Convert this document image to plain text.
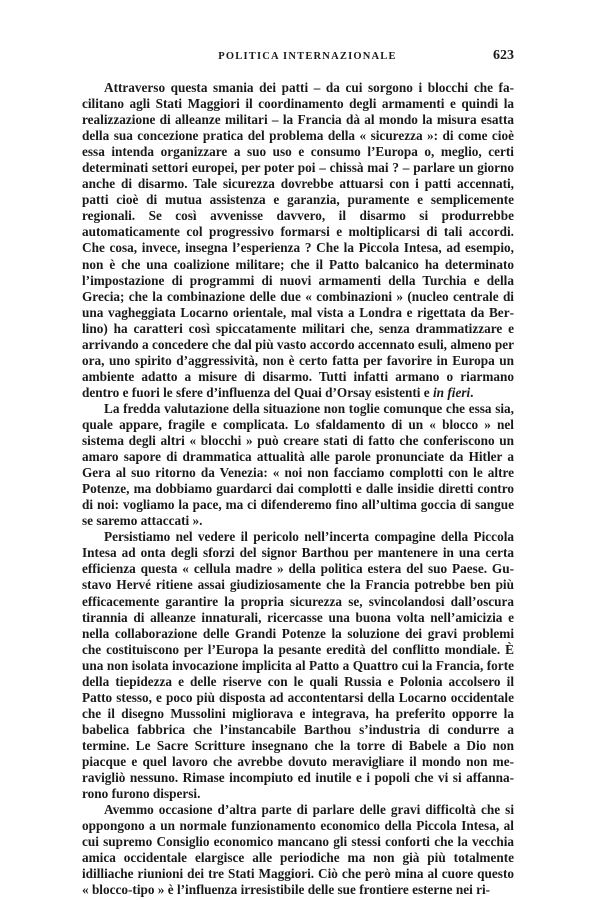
POLITICA INTERNAZIONALE	623

Attraverso questa smania dei patti – da cui sorgono i blocchi che facilitano agli Stati Maggiori il coordinamento degli armamenti e quindi la realizzazione di alleanze militari – la Francia dà al mondo la misura esatta della sua concezione pratica del problema della « sicurezza »: di come cioè essa intenda organizzare a suo uso e consumo l’Europa o, meglio, certi determinati settori europei, per poter poi – chissà mai ? – parlare un giorno anche di disarmo. Tale sicurezza dovrebbe attuarsi con i patti accennati, patti cioè di mutua assistenza e garanzia, puramente e semplicemente regionali. Se così avvenisse davvero, il disarmo si produrrebbe automaticamente col progressivo formarsi e moltiplicarsi di tali accordi. Che cosa, invece, insegna l’esperienza ? Che la Piccola Intesa, ad esempio, non è che una coalizione militare; che il Patto balcanico ha determinato l’impostazione di programmi di nuovi armamenti della Turchia e della Grecia; che la combinazione delle due « combinazioni » (nucleo centrale di una vagheggiata Locarno orientale, mal vista a Londra e rigettata da Berlino) ha caratteri così spiccatamente militari che, senza drammatizzare e arrivando a concedere che dal più vasto accordo accennato esuli, almeno per ora, uno spirito d’aggressività, non è certo fatta per favorire in Europa un ambiente adatto a misure di disarmo. Tutti infatti armano o riarmano dentro e fuori le sfere d’influenza del Quai d’Orsay esistenti e in fieri.

La fredda valutazione della situazione non toglie comunque che essa sia, quale appare, fragile e complicata. Lo sfaldamento di un « blocco » nel sistema degli altri « blocchi » può creare stati di fatto che conferiscono un amaro sapore di drammatica attualità alle parole pronunciate da Hitler a Gera al suo ritorno da Venezia: « noi non facciamo complotti con le altre Potenze, ma dobbiamo guardarci dai complotti e dalle insidie diretti contro di noi: vogliamo la pace, ma ci difenderemo fino all’ultima goccia di sangue se saremo attaccati ».

Persistiamo nel vedere il pericolo nell’incerta compagine della Piccola Intesa ad onta degli sforzi del signor Barthou per mantenere in una certa efficienza questa « cellula madre » della politica estera del suo Paese. Gustavo Hervé ritiene assai giudiziosamente che la Francia potrebbe ben più efficacemente garantire la propria sicurezza se, svincolandosi dall’oscura tirannia di alleanze innaturali, ricercasse una buona volta nell’amicizia e nella collaborazione delle Grandi Potenze la soluzione dei gravi problemi che costituiscono per l’Europa la pesante eredità del conflitto mondiale. È una non isolata invocazione implicita al Patto a Quattro cui la Francia, forte della tiepidezza e delle riserve con le quali Russia e Polonia accolsero il Patto stesso, e poco più disposta ad accontentarsi della Locarno occidentale che il disegno Mussolini migliorava e integrava, ha preferito opporre la babelica fabbrica che l’instancabile Barthou s’industria di condurre a termine. Le Sacre Scritture insegnano che la torre di Babele a Dio non piacque e quel lavoro che avrebbe dovuto meravigliare il mondo non meravigliò nessuno. Rimase incompiuto ed inutile e i popoli che vi si affannarono furono dispersi.

Avemmo occasione d’altra parte di parlare delle gravi difficoltà che si oppongono a un normale funzionamento economico della Piccola Intesa, al cui supremo Consiglio economico mancano gli stessi conforti che la vecchia amica occidentale elargisce alle periodiche ma non già più totalmente idilliache riunioni dei tre Stati Maggiori. Ciò che però mina al cuore questo « blocco-tipo » è l’influenza irresistibile delle sue frontiere esterne nei ri-
